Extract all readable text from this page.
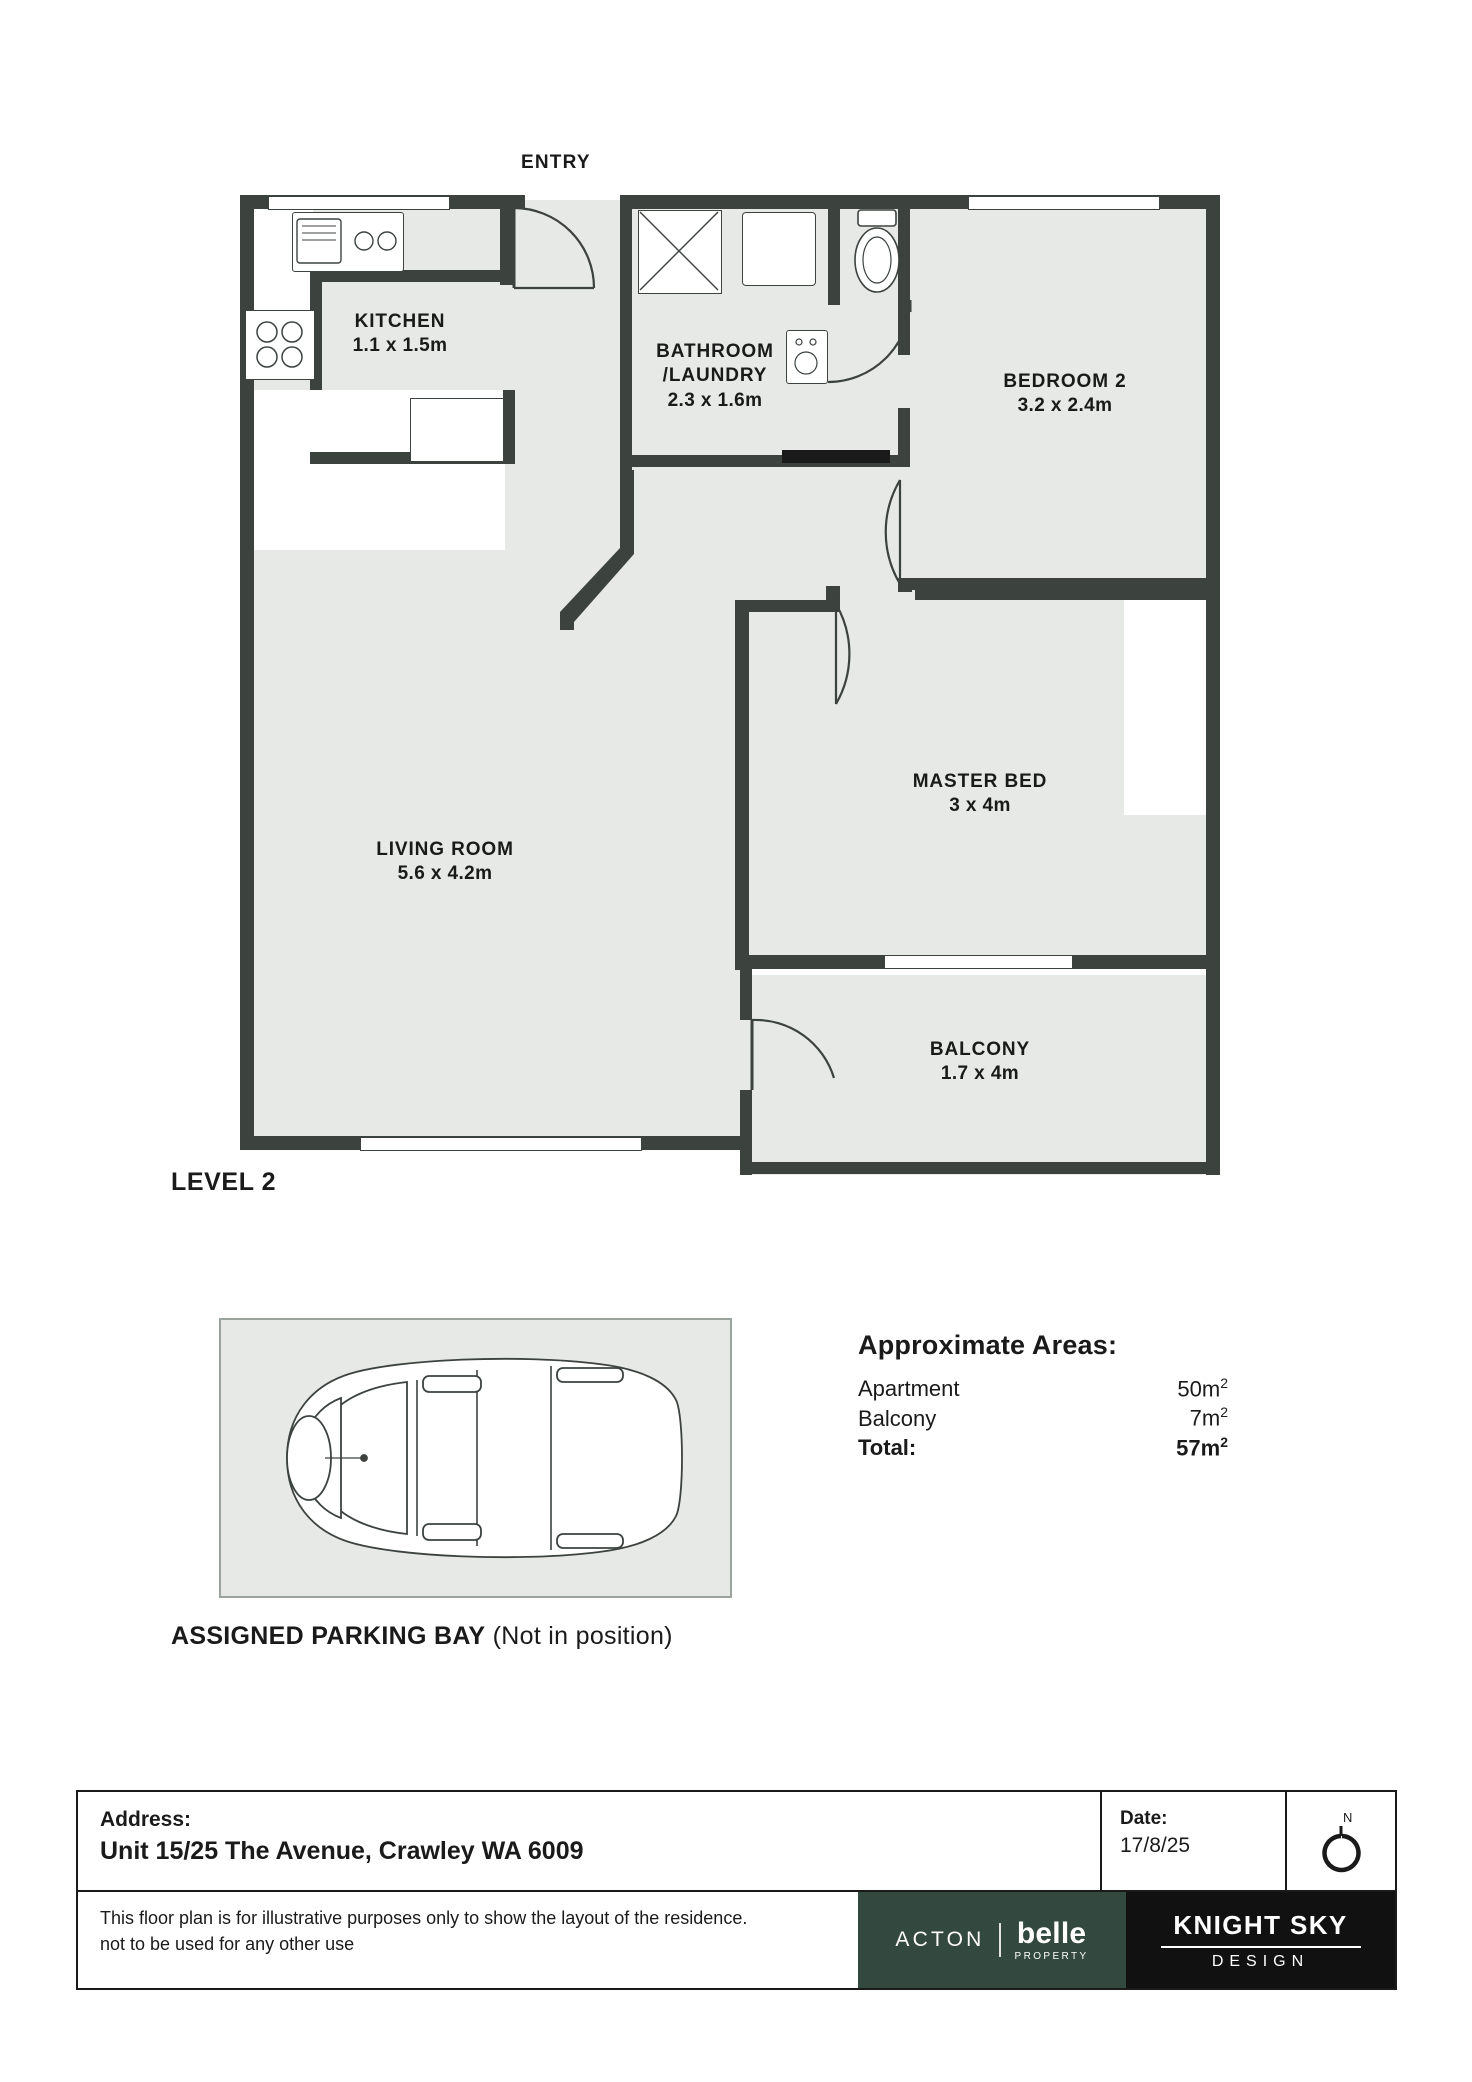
ENTRY
KITCHEN
1.1 x 1.5m	BATHROOM
/LAUNDRY
2.3 x 1.6m
BEDROOM 2
3.2 x 2.4m
LIVING ROOM
5.6 x 4.2m
MASTER BED
3 x 4m
BALCONY
1.7 x 4m
LEVEL 2
ASSIGNED PARKING BAY (Not in position)
Approximate Areas:
Apartment	$50m^2$
Balcony	$7m^2$
Total:	$57m^2$
Address:
Unit 15/25 The Avenue, Crawley WA 6009
Date:
17/8/25
N
This floor plan is for illustrative purposes only to show the layout of the residence.
not to be used for any other use	ACTON belle
PROPERTY
KNIGHT SKY
DESIGN
